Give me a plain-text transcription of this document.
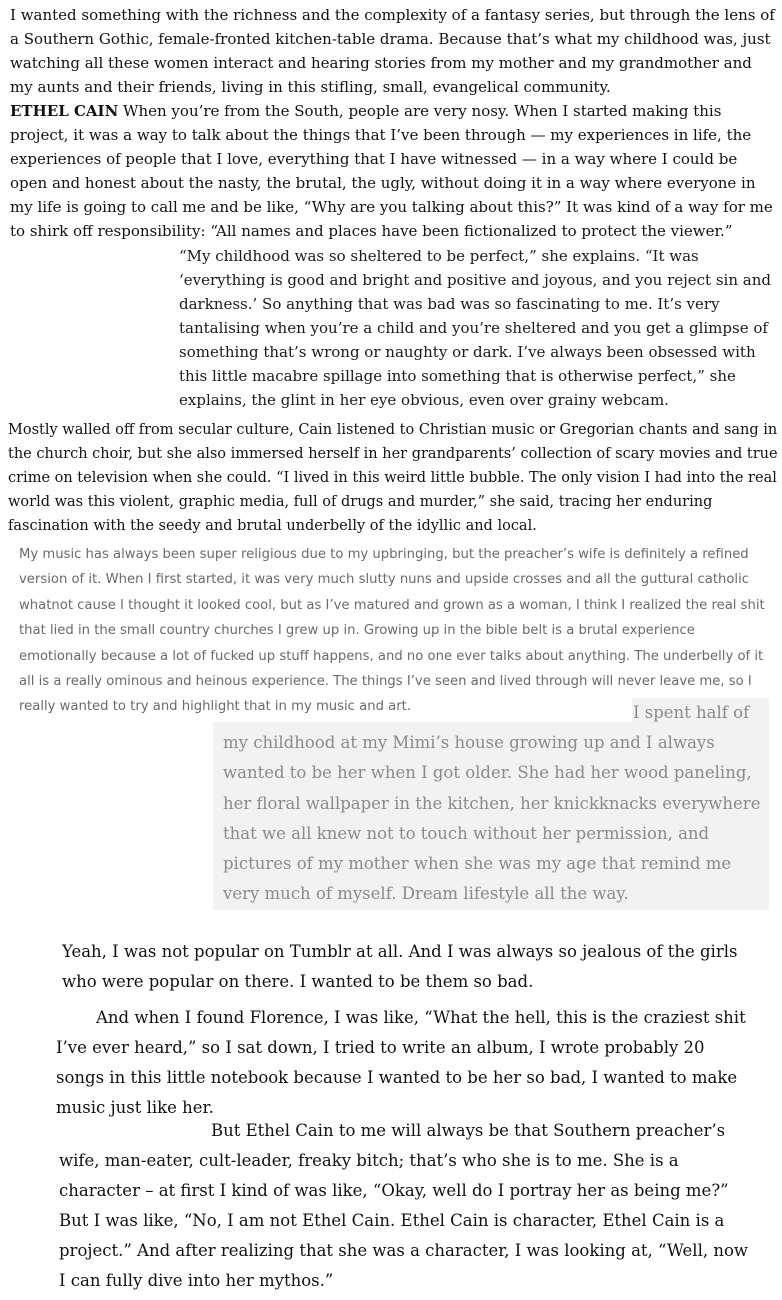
I wanted something with the richness and the complexity of a fantasy series, but through the lens of a Southern Gothic, female-fronted kitchen-table drama. Because that’s what my childhood was, just watching all these women interact and hearing stories from my mother and my grandmother and my aunts and their friends, living in this stifling, small, evangelical community.

ETHEL CAIN When you’re from the South, people are very nosy. When I started making this project, it was a way to talk about the things that I’ve been through — my experiences in life, the experiences of people that I love, everything that I have witnessed — in a way where I could be open and honest about the nasty, the brutal, the ugly, without doing it in a way where everyone in my life is going to call me and be like, “Why are you talking about this?” It was kind of a way for me to shirk off responsibility: “All names and places have been fictionalized to protect the viewer.”

“My childhood was so sheltered to be perfect,” she explains. “It was ‘everything is good and bright and positive and joyous, and you reject sin and darkness.’ So anything that was bad was so fascinating to me. It’s very tantalising when you’re a child and you’re sheltered and you get a glimpse of something that’s wrong or naughty or dark. I’ve always been obsessed with this little macabre spillage into something that is otherwise perfect,” she explains, the glint in her eye obvious, even over grainy webcam.

Mostly walled off from secular culture, Cain listened to Christian music or Gregorian chants and sang in the church choir, but she also immersed herself in her grandparents’ collection of scary movies and true crime on television when she could. “I lived in this weird little bubble. The only vision I had into the real world was this violent, graphic media, full of drugs and murder,” she said, tracing her enduring fascination with the seedy and brutal underbelly of the idyllic and local.

My music has always been super religious due to my upbringing, but the preacher’s wife is definitely a refined version of it. When I first started, it was very much slutty nuns and upside crosses and all the guttural catholic whatnot cause I thought it looked cool, but as I’ve matured and grown as a woman, I think I realized the real shit that lied in the small country churches I grew up in. Growing up in the bible belt is a brutal experience emotionally because a lot of fucked up stuff happens, and no one ever talks about anything. The underbelly of it all is a really ominous and heinous experience. The things I’ve seen and lived through will never leave me, so I really wanted to try and highlight that in my music and art.	I spent half of my childhood at my Mimi’s house growing up and I always wanted to be her when I got older. She had her wood paneling, her floral wallpaper in the kitchen, her knickknacks everywhere that we all knew not to touch without her permission, and pictures of my mother when she was my age that remind me very much of myself. Dream lifestyle all the way.

Yeah, I was not popular on Tumblr at all. And I was always so jealous of the girls who were popular on there. I wanted to be them so bad.

And when I found Florence, I was like, “What the hell, this is the craziest shit I’ve ever heard,” so I sat down, I tried to write an album, I wrote probably 20 songs in this little notebook because I wanted to be her so bad, I wanted to make music just like her.

But Ethel Cain to me will always be that Southern preacher’s wife, man-eater, cult-leader, freaky bitch; that’s who she is to me. She is a character – at first I kind of was like, “Okay, well do I portray her as being me?” But I was like, “No, I am not Ethel Cain. Ethel Cain is character, Ethel Cain is a project.” And after realizing that she was a character, I was looking at, “Well, now I can fully dive into her mythos.”
